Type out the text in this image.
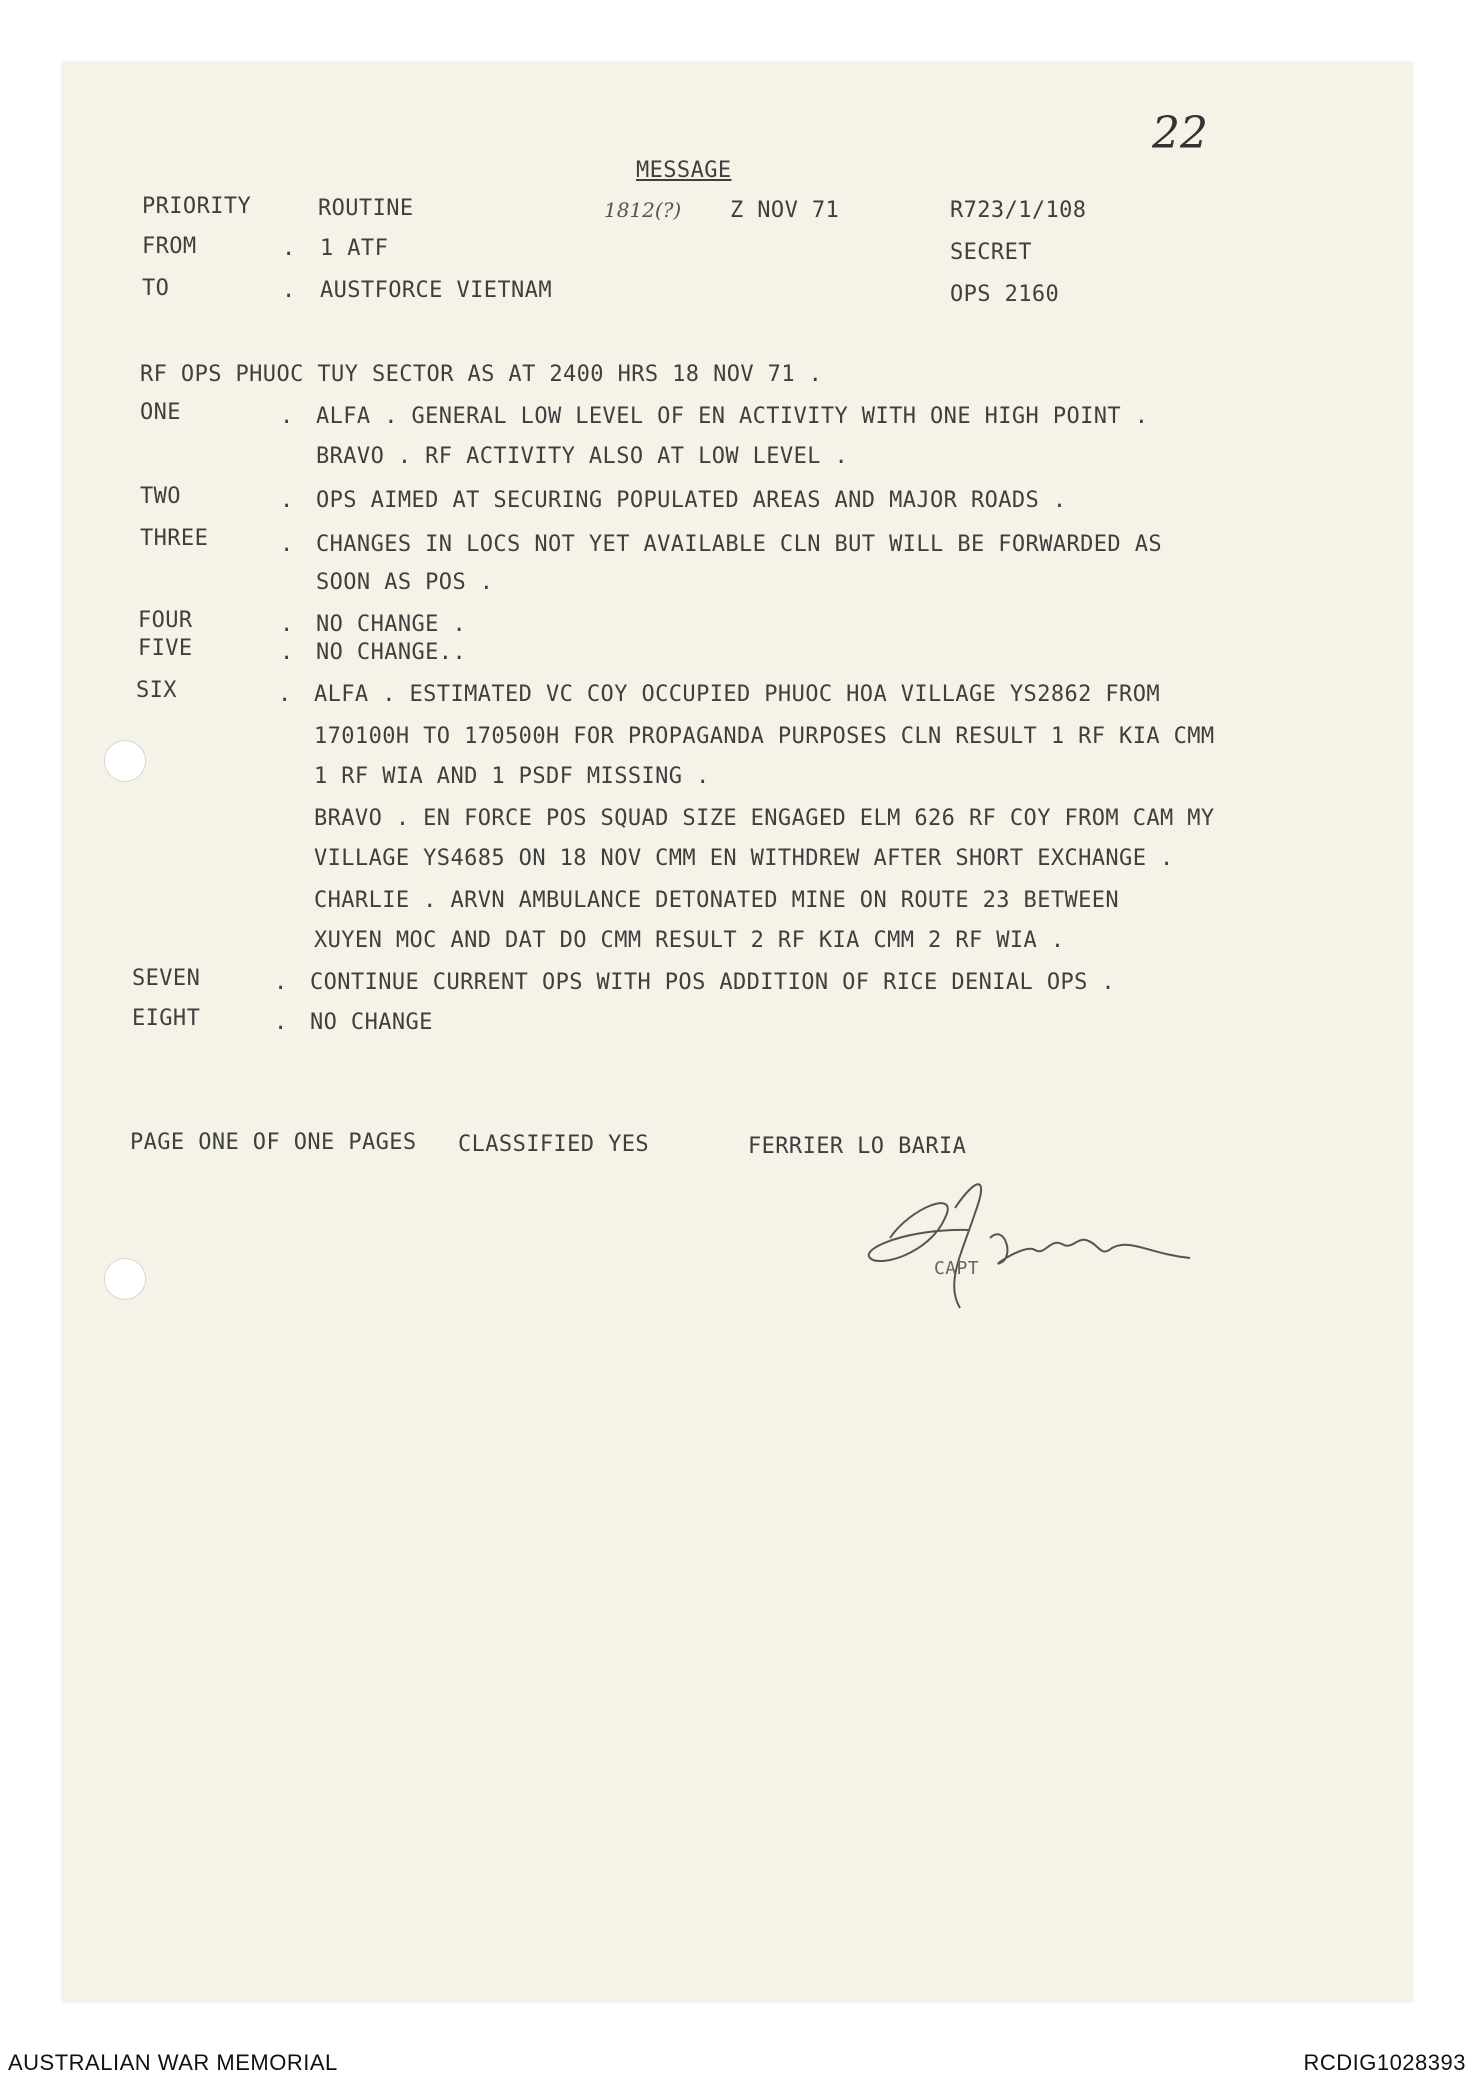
22
MESSAGE
PRIORITY	ROUTINE	1812(?) Z NOV 71	R723/1/108
FROM	. 1 ATF	SECRET
TO	. AUSTFORCE VIETNAM	OPS 2160
RF OPS PHUOC TUY SECTOR AS AT 2400 HRS 18 NOV 71 .
ONE	. ALFA . GENERAL LOW LEVEL OF EN ACTIVITY WITH ONE HIGH POINT .
BRAVO . RF ACTIVITY ALSO AT LOW LEVEL .
TWO	. OPS AIMED AT SECURING POPULATED AREAS AND MAJOR ROADS .
THREE	. CHANGES IN LOCS NOT YET AVAILABLE CLN BUT WILL BE FORWARDED AS
SOON AS POS .
FOUR	. NO CHANGE .
FIVE	. NO CHANGE..
SIX	. ALFA . ESTIMATED VC COY OCCUPIED PHUOC HOA VILLAGE YS2862 FROM
170100H TO 170500H FOR PROPAGANDA PURPOSES CLN RESULT 1 RF KIA CMM
1 RF WIA AND 1 PSDF MISSING .
BRAVO . EN FORCE POS SQUAD SIZE ENGAGED ELM 626 RF COY FROM CAM MY
VILLAGE YS4685 ON 18 NOV CMM EN WITHDREW AFTER SHORT EXCHANGE .
CHARLIE . ARVN AMBULANCE DETONATED MINE ON ROUTE 23 BETWEEN
XUYEN MOC AND DAT DO CMM RESULT 2 RF KIA CMM 2 RF WIA .
SEVEN	. CONTINUE CURRENT OPS WITH POS ADDITION OF RICE DENIAL OPS .
EIGHT	. NO CHANGE
PAGE ONE OF ONE PAGES CLASSIFIED YES	FERRIER LO BARIA
CAPT
AUSTRALIAN WAR MEMORIAL	RCDIG1028393
